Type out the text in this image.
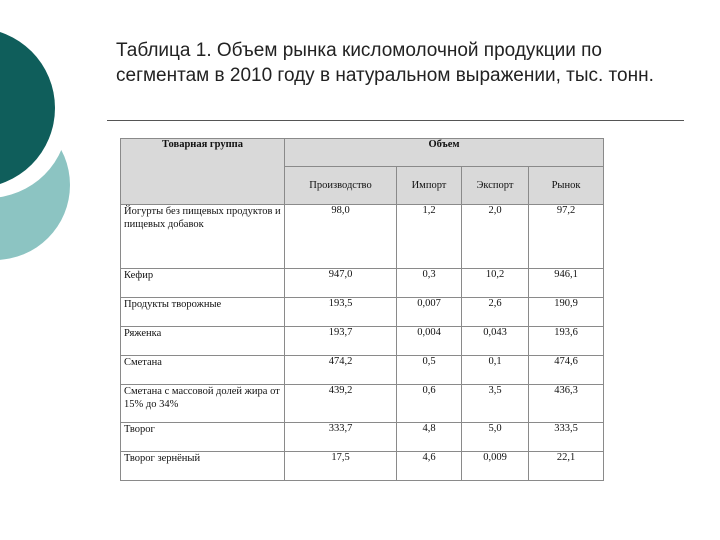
Таблица 1. Объем рынка кисломолочной продукции по сегментам в 2010 году в натуральном выражении, тыс. тонн.
Товарная группа	Объем			
	Производство	Импорт	Экспорт	Рынок
Йогурты без пищевых продуктов и пищевых добавок	98,0	1,2	2,0	97,2
Кефир	947,0	0,3	10,2	946,1
Продукты творожные	193,5	0,007	2,6	190,9
Ряженка	193,7	0,004	0,043	193,6
Сметана	474,2	0,5	0,1	474,6
Сметана с массовой долей жира от 15% до 34%	439,2	0,6	3,5	436,3
Творог	333,7	4,8	5,0	333,5
Творог зернёный	17,5	4,6	0,009	22,1
